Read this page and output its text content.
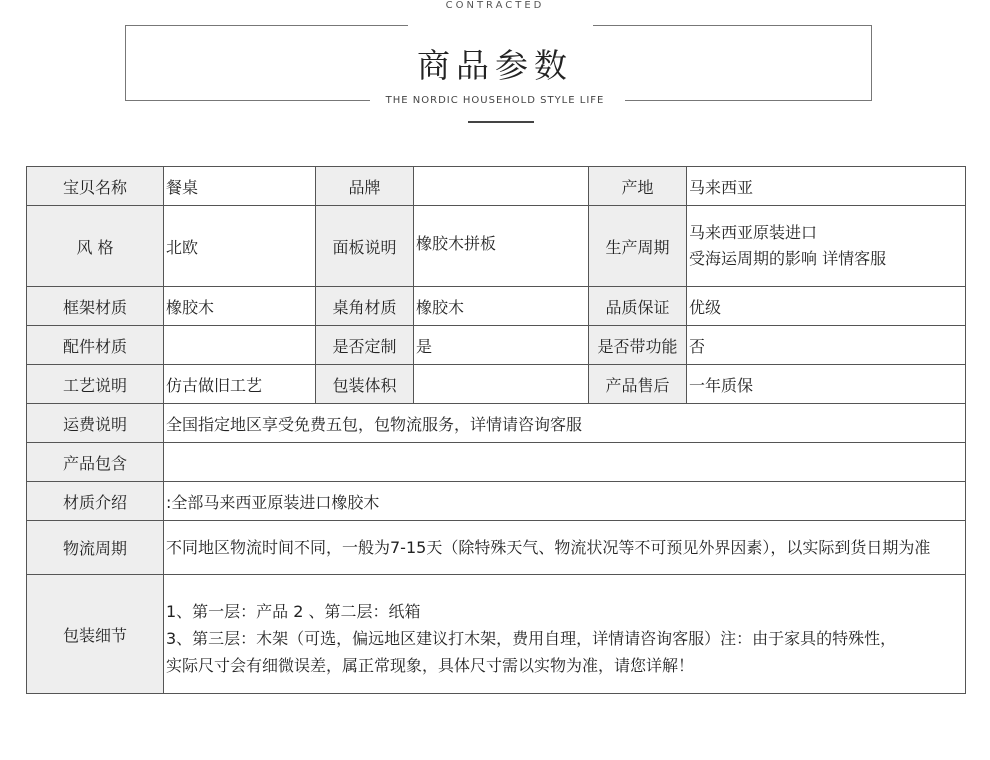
CONTRACTED
商品参数
THE NORDIC HOUSEHOLD STYLE LIFE
宝贝名称	餐桌	品牌		产地	马来西亚
风 格	北欧	面板说明	橡胶木拼板	生产周期	马来西亚原装进口
受海运周期的影响 详情客服

框架材质	橡胶木	桌角材质	橡胶木	品质保证	优级
配件材质		是否定制	是	是否带功能	否
工艺说明	仿古做旧工艺	包装体积		产品售后	一年质保
运费说明	全国指定地区享受免费五包，包物流服务，详情请咨询客服				
产品包含					
材质介绍	:全部马来西亚原装进口橡胶木				
物流周期	不同地区物流时间不同，一般为7-15天（除特殊天气、物流状况等不可预见外界因素），以实际到货日期为准				
包装细节	1、第一层：产品 2 、第二层：纸箱
3、第三层：木架（可选，偏远地区建议打木架，费用自理，详情请咨询客服）注：由于家具的特殊性，
实际尺寸会有细微误差，属正常现象，具体尺寸需以实物为准，请您详解！				
